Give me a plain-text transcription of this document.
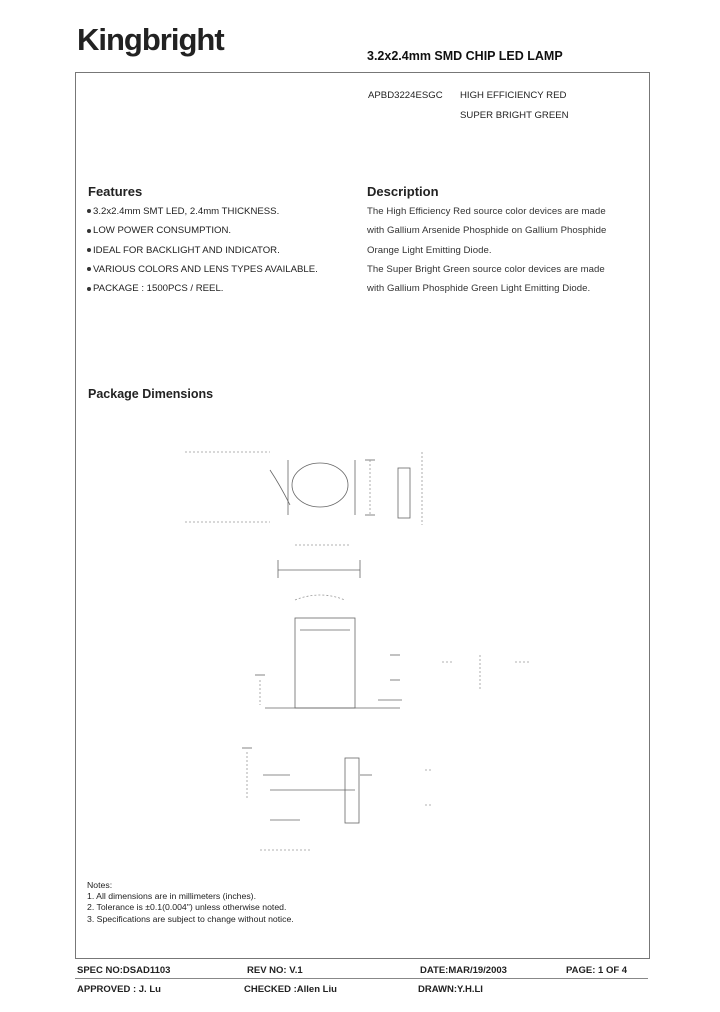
Kingbright	3.2x2.4mm SMD CHIP LED LAMP
APBD3224ESGC HIGH EFFICIENCY RED
SUPER BRIGHT GREEN
Features
3.2x2.4mm SMT LED, 2.4mm THICKNESS.
LOW POWER CONSUMPTION.
IDEAL FOR BACKLIGHT AND INDICATOR.
VARIOUS COLORS AND LENS TYPES AVAILABLE.
PACKAGE : 1500PCS / REEL.
Description
The High Efficiency Red source color devices are made
with Gallium Arsenide Phosphide on Gallium Phosphide
Orange Light Emitting Diode.
The Super Bright Green source color devices are made
with Gallium Phosphide Green Light Emitting Diode.
Package Dimensions
Notes:
1. All dimensions are in millimeters (inches).
2. Tolerance is ±0.1(0.004") unless otherwise noted.
3. Specifications are subject to change without notice.
SPEC NO:DSAD1103	REV NO: V.1	DATE:MAR/19/2003	PAGE: 1 OF 4
APPROVED : J. Lu	CHECKED :Allen Liu	DRAWN:Y.H.LI
